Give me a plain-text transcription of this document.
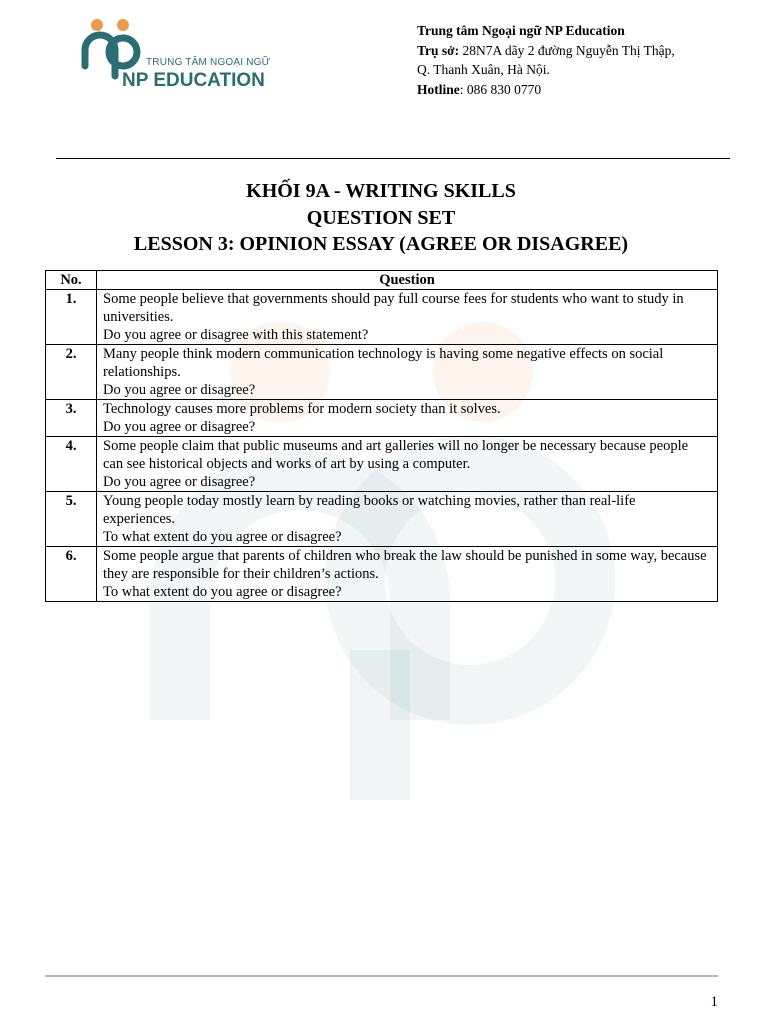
TRUNG TÂM NGOẠI NGỮ
NP EDUCATION
Trung tâm Ngoại ngữ NP Education
Trụ sở: 28N7A dãy 2 đường Nguyễn Thị Thập,
Q. Thanh Xuân, Hà Nội.
Hotline: 086 830 0770
KHỐI 9A - WRITING SKILLS
QUESTION SET
LESSON 3: OPINION ESSAY (AGREE OR DISAGREE)
No.	Question
1.	Some people believe that governments should pay full course fees for students who want to study in universities.
Do you agree or disagree with this statement?

2.	Many people think modern communication technology is having some negative effects on social relationships.
Do you agree or disagree?

3.	Technology causes more problems for modern society than it solves.
Do you agree or disagree?

4.	Some people claim that public museums and art galleries will no longer be necessary because people can see historical objects and works of art by using a computer.
Do you agree or disagree?

5.	Young people today mostly learn by reading books or watching movies, rather than real-life experiences.
To what extent do you agree or disagree?

6.	Some people argue that parents of children who break the law should be punished in some way, because they are responsible for their children’s actions.
To what extent do you agree or disagree?
1
